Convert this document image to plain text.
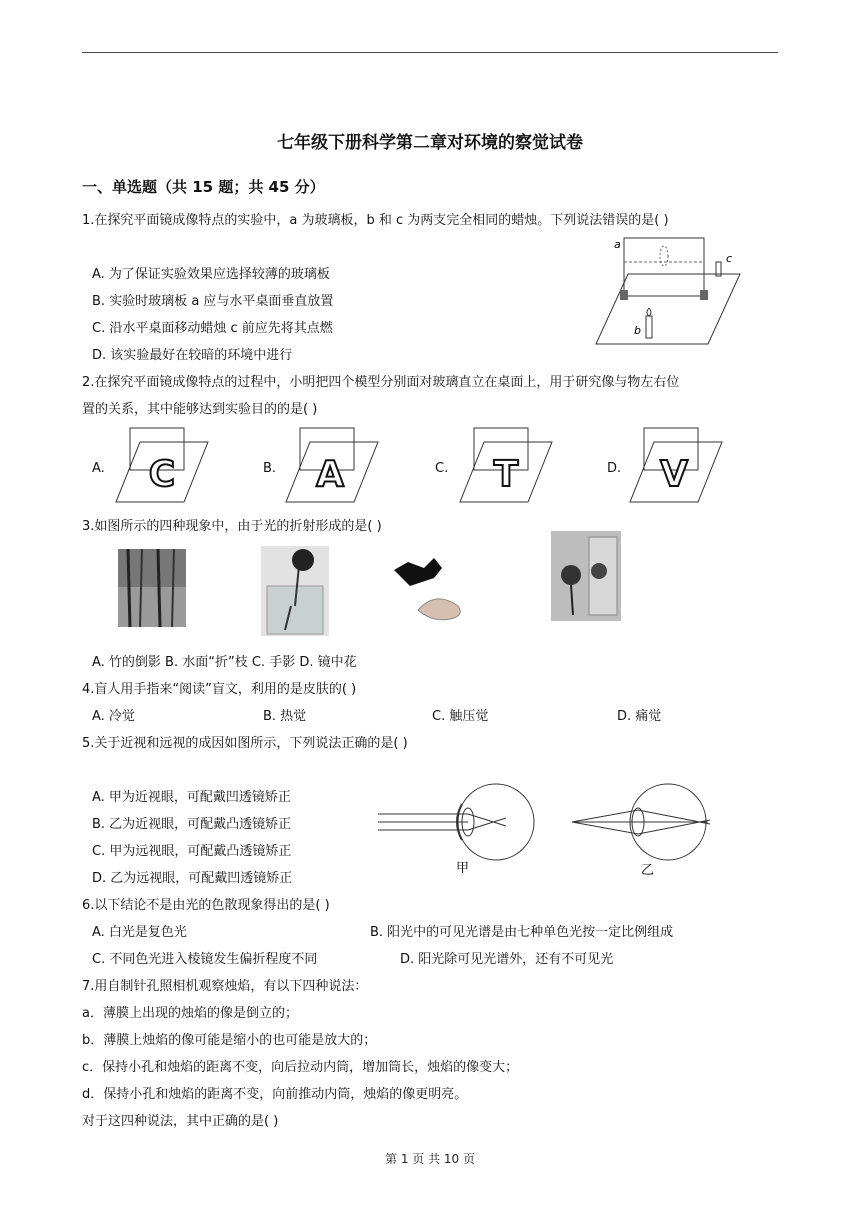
七年级下册科学第二章对环境的察觉试卷
一、单选题（共 15 题；共 45 分）
1.在探究平面镜成像特点的实验中，a 为玻璃板，b 和 c 为两支完全相同的蜡烛。下列说法错误的是( )
A. 为了保证实验效果应选择较薄的玻璃板
B. 实验时玻璃板 a 应与水平桌面垂直放置
C. 沿水平桌面移动蜡烛 c 前应先将其点燃
D. 该实验最好在较暗的环境中进行
a
c
b
2.在探究平面镜成像特点的过程中，小明把四个模型分别面对玻璃直立在桌面上，用于研究像与物左右位
置的关系，其中能够达到实验目的的是( )
A. C	B. A	C. T	D. V
3.如图所示的四种现象中，由于光的折射形成的是( )
A. 竹的倒影 B. 水面“折”枝 C. 手影 D. 镜中花
4.盲人用手指来“阅读”盲文，利用的是皮肤的( )
A. 冷觉	B. 热觉	C. 触压觉	D. 痛觉
5.关于近视和远视的成因如图所示，下列说法正确的是( )
A. 甲为近视眼，可配戴凹透镜矫正
B. 乙为近视眼，可配戴凸透镜矫正
C. 甲为远视眼，可配戴凸透镜矫正
D. 乙为远视眼，可配戴凹透镜矫正
甲	乙
6.以下结论不是由光的色散现象得出的是( )
A. 白光是复色光	B. 阳光中的可见光谱是由七种单色光按一定比例组成
C. 不同色光进入棱镜发生偏折程度不同	D. 阳光除可见光谱外，还有不可见光
7.用自制针孔照相机观察烛焰，有以下四种说法：
a．薄膜上出现的烛焰的像是倒立的；
b．薄膜上烛焰的像可能是缩小的也可能是放大的；
c．保持小孔和烛焰的距离不变，向后拉动内筒，增加筒长，烛焰的像变大；
d．保持小孔和烛焰的距离不变，向前推动内筒，烛焰的像更明亮。
对于这四种说法，其中正确的是( )
第 1 页 共 10 页
